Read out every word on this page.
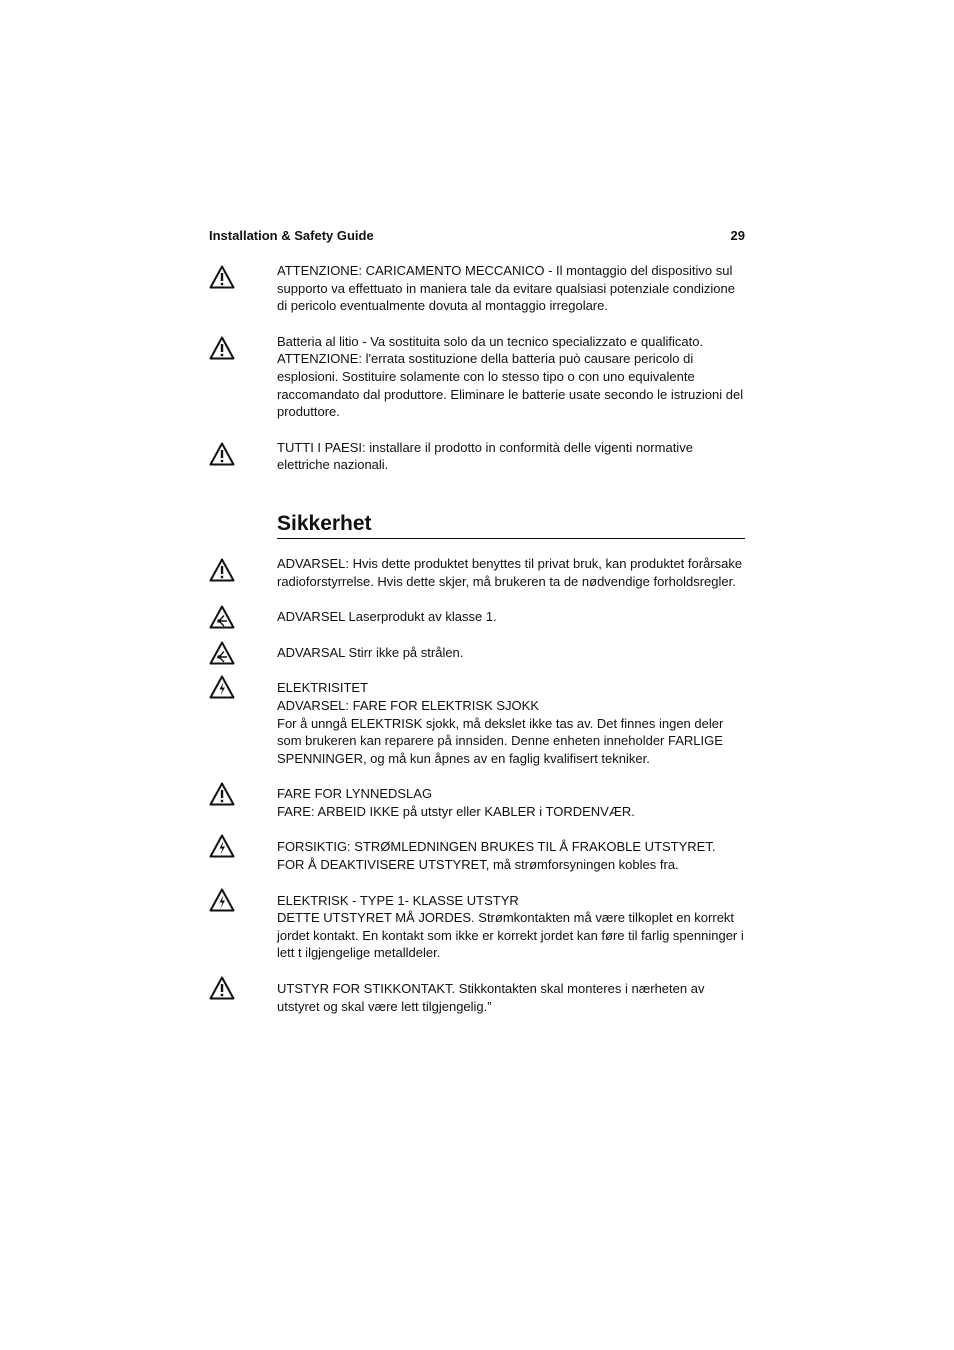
Installation & Safety Guide	29

ATTENZIONE: CARICAMENTO MECCANICO - Il montaggio del dispositivo sul supporto va effettuato in maniera tale da evitare qualsiasi potenziale condizione di pericolo eventualmente dovuta al montaggio irregolare.

Batteria al litio - Va sostituita solo da un tecnico specializzato e qualificato.

ATTENZIONE: l'errata sostituzione della batteria può causare pericolo di esplosioni. Sostituire solamente con lo stesso tipo o con uno equivalente raccomandato dal produttore. Eliminare le batterie usate secondo le istruzioni del produttore.

TUTTI I PAESI: installare il prodotto in conformità delle vigenti normative elettriche nazionali.

Sikkerhet

ADVARSEL: Hvis dette produktet benyttes til privat bruk, kan produktet forårsake radioforstyrrelse. Hvis dette skjer, må brukeren ta de nødvendige forholdsregler.

ADVARSEL Laserprodukt av klasse 1.

ADVARSAL Stirr ikke på strålen.

ELEKTRISITET

ADVARSEL: FARE FOR ELEKTRISK SJOKK

For å unngå ELEKTRISK sjokk, må dekslet ikke tas av. Det finnes ingen deler som brukeren kan reparere på innsiden. Denne enheten inneholder FARLIGE SPENNINGER, og må kun åpnes av en faglig kvalifisert tekniker.

FARE FOR LYNNEDSLAG

FARE: ARBEID IKKE på utstyr eller KABLER i TORDENVÆR.

FORSIKTIG: STRØMLEDNINGEN BRUKES TIL Å FRAKOBLE UTSTYRET. FOR Å DEAKTIVISERE UTSTYRET, må strømforsyningen kobles fra.

ELEKTRISK - TYPE 1- KLASSE UTSTYR

DETTE UTSTYRET MÅ JORDES. Strømkontakten må være tilkoplet en korrekt jordet kontakt. En kontakt som ikke er korrekt jordet kan føre til farlig spenninger i lett t ilgjengelige metalldeler.

UTSTYR FOR STIKKONTAKT. Stikkontakten skal monteres i nærheten av utstyret og skal være lett tilgjengelig.”
